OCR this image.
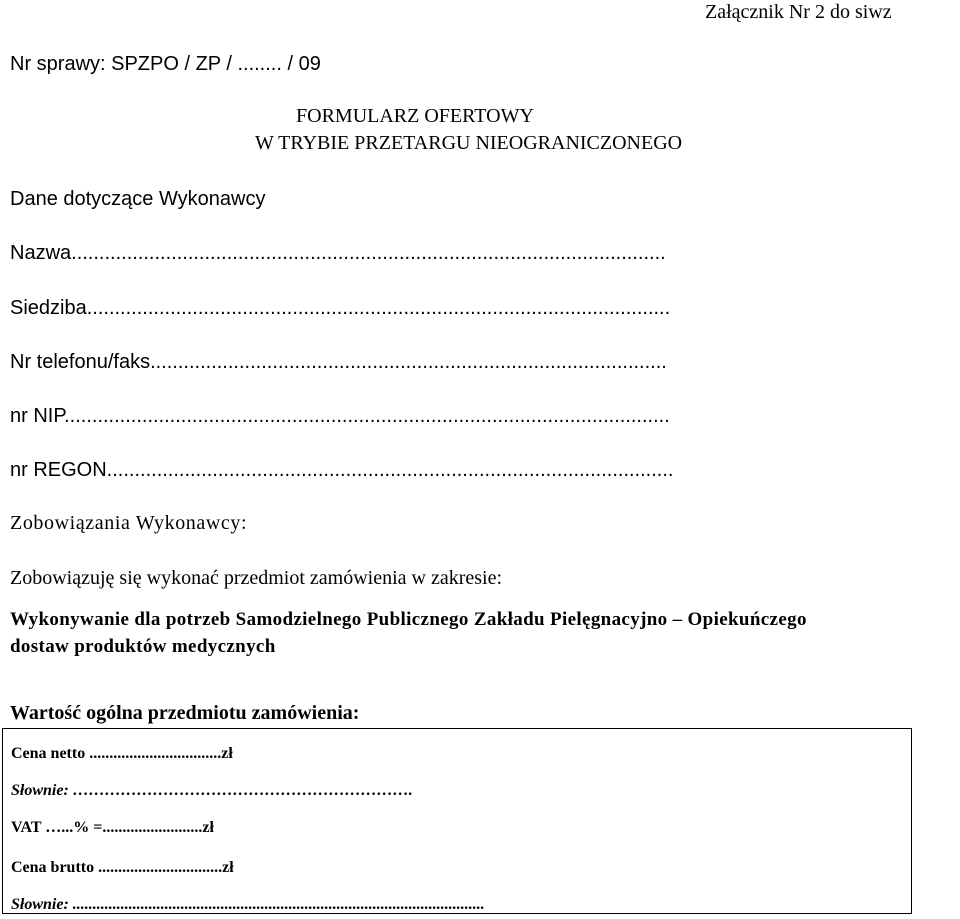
Załącznik Nr 2 do siwz
Nr sprawy: SPZPO / ZP / ........ / 09
FORMULARZ OFERTOWY
W TRYBIE PRZETARGU NIEOGRANICZONEGO
Dane dotyczące Wykonawcy
Nazwa...........................................................................................................
Siedziba.........................................................................................................
Nr telefonu/faks.............................................................................................
nr NIP.............................................................................................................
nr REGON......................................................................................................
Zobowiązania Wykonawcy:
Zobowiązuję się wykonać przedmiot zamówienia w zakresie:
Wykonywanie dla potrzeb Samodzielnego Publicznego Zakładu Pielęgnacyjno – Opiekuńczego
dostaw produktów medycznych
Wartość ogólna przedmiotu zamówienia:
Cena netto .................................zł
Słownie: ……………………………………………………….
VAT …...% =.........................zł
Cena brutto ...............................zł
Słownie: .......................................................................................................
